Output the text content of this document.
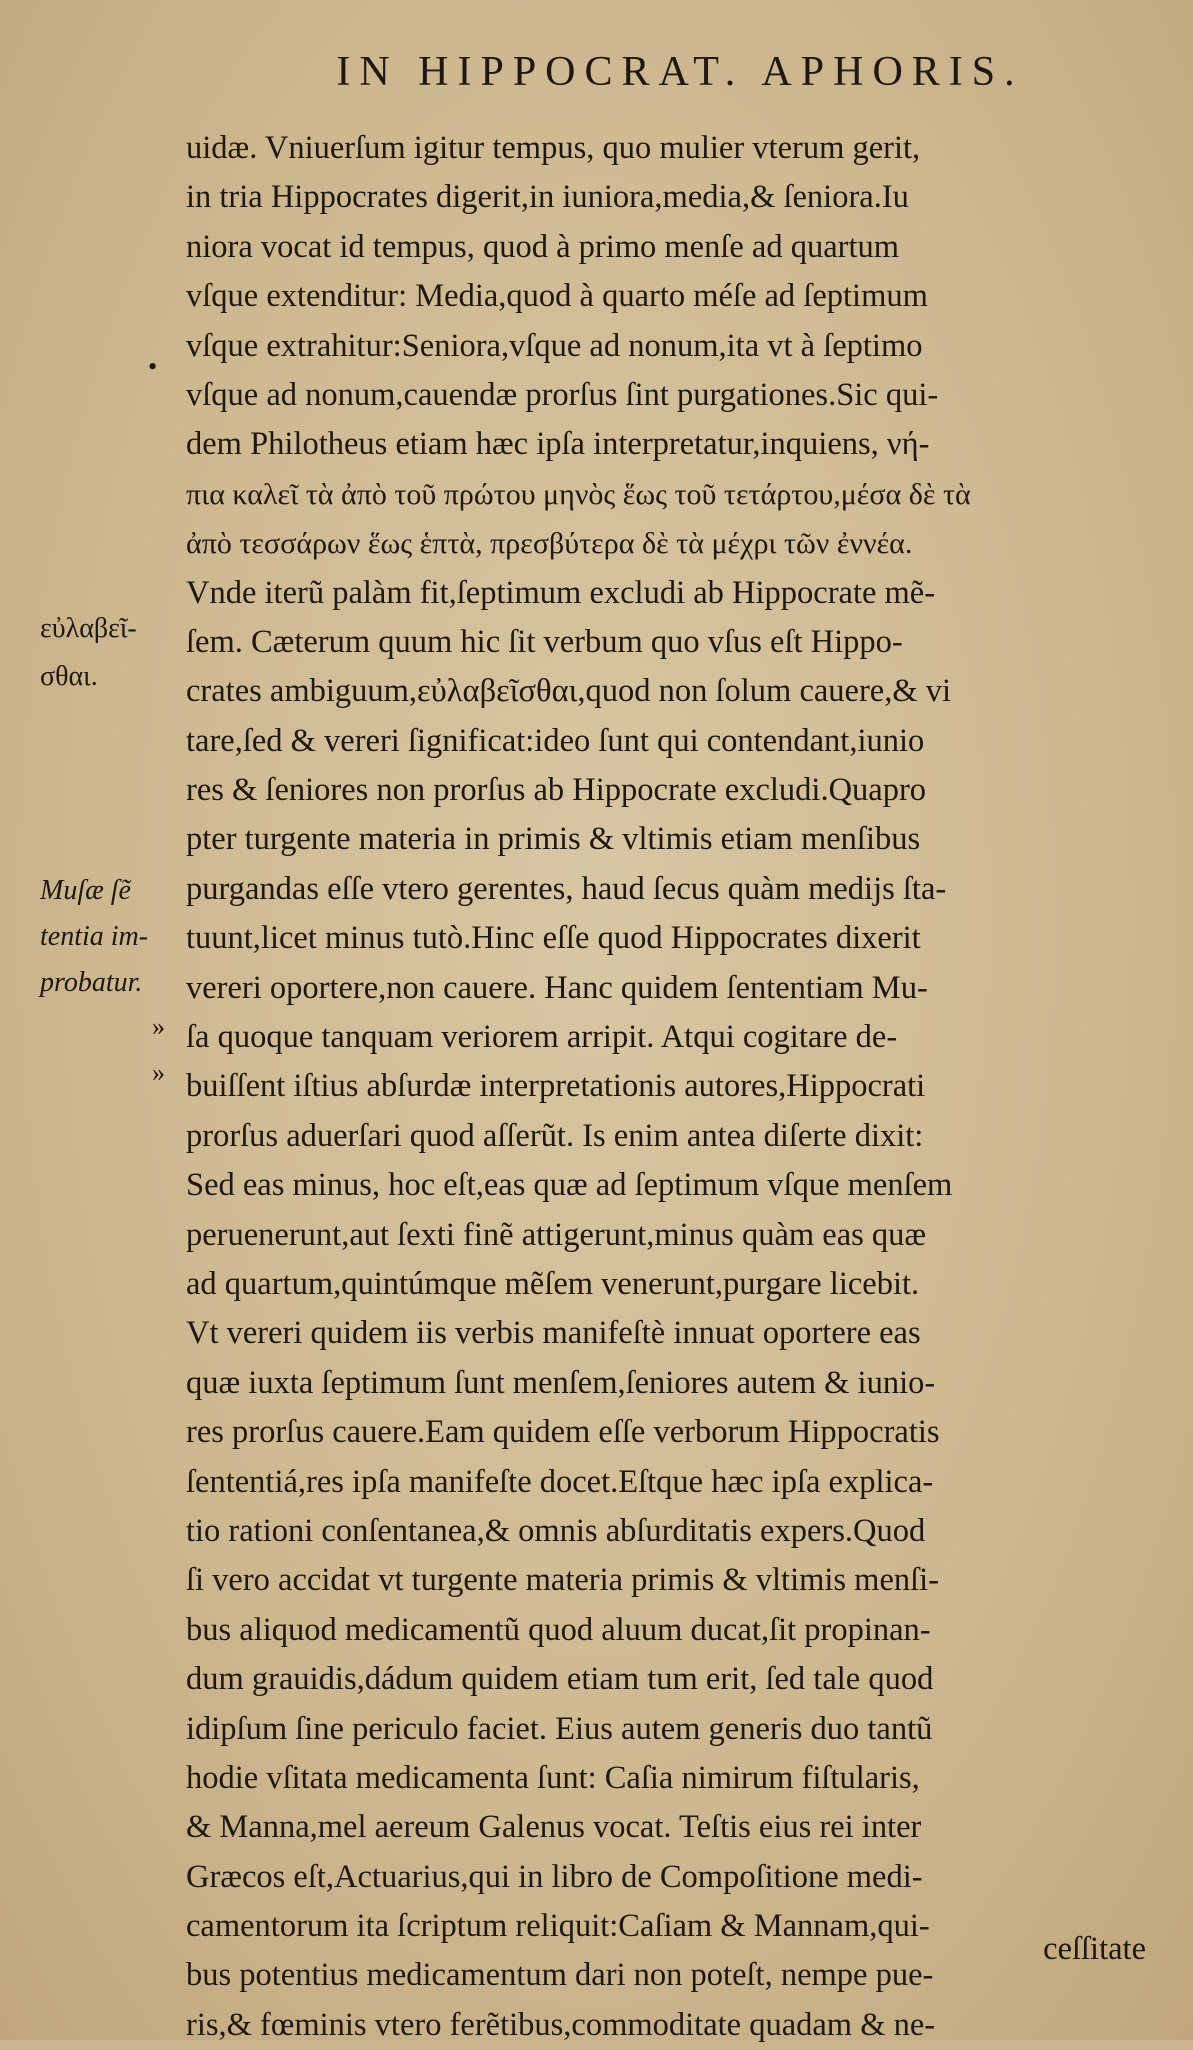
IN HIPPOCRAT. APHORIS.
uidæ. Vniuerſum igitur tempus, quo mulier vterum gerit,
in tria Hippocrates digerit,in iuniora,media,& ſeniora.Iu
niora vocat id tempus, quod à primo menſe ad quartum
vſque extenditur: Media,quod à quarto méſe ad ſeptimum
vſque extrahitur:Seniora,vſque ad nonum,ita vt à ſeptimo
vſque ad nonum,cauendæ prorſus ſint purgationes.Sic qui-
dem Philotheus etiam hæc ipſa interpretatur,inquiens, νή-
πια καλεῖ τὰ ἀπὸ τοῦ πρώτου μηνὸς ἕως τοῦ τετάρτου,μέσα δὲ τὰ
ἀπὸ τεσσάρων ἕως ἑπτὰ, πρεσβύτερα δὲ τὰ μέχρι τῶν ἐννέα.
Vnde iterũ palàm fit,ſeptimum excludi ab Hippocrate mẽ-
ſem. Cæterum quum hic ſit verbum quo vſus eſt Hippo-
crates ambiguum,εὐλαβεῖσθαι,quod non ſolum cauere,& vi
tare,ſed & vereri ſignificat:ideo ſunt qui contendant,iunio
res & ſeniores non prorſus ab Hippocrate excludi.Quapro
pter turgente materia in primis & vltimis etiam menſibus
purgandas eſſe vtero gerentes, haud ſecus quàm medijs ſta-
tuunt,licet minus tutò.Hinc eſſe quod Hippocrates dixerit
vereri oportere,non cauere. Hanc quidem ſententiam Mu-
ſa quoque tanquam veriorem arripit. Atqui cogitare de-
buiſſent iſtius abſurdæ interpretationis autores,Hippocrati
prorſus aduerſari quod aſſerũt. Is enim antea diſerte dixit:
Sed eas minus, hoc eſt,eas quæ ad ſeptimum vſque menſem
peruenerunt,aut ſexti finẽ attigerunt,minus quàm eas quæ
ad quartum,quintúmque mẽſem venerunt,purgare licebit.
Vt vereri quidem iis verbis manifeſtè innuat oportere eas
quæ iuxta ſeptimum ſunt menſem,ſeniores autem & iunio-
res prorſus cauere.Eam quidem eſſe verborum Hippocratis
ſententiá,res ipſa manifeſte docet.Eſtque hæc ipſa explica-
tio rationi conſentanea,& omnis abſurditatis expers.Quod
ſi vero accidat vt turgente materia primis & vltimis menſi-
bus aliquod medicamentũ quod aluum ducat,ſit propinan-
dum grauidis,dádum quidem etiam tum erit, ſed tale quod
idipſum ſine periculo faciet. Eius autem generis duo tantũ
hodie vſitata medicamenta ſunt: Caſia nimirum fiſtularis,
& Manna,mel aereum Galenus vocat. Teſtis eius rei inter
Græcos eſt,Actuarius,qui in libro de Compoſitione medi-
camentorum ita ſcriptum reliquit:Caſiam & Mannam,qui-
bus potentius medicamentum dari non poteſt, nempe pue-
ris,& fœminis vtero ferẽtibus,commoditate quadam & ne-
ceſſitate
εὐλαβεῖ-
σθαι.
Muſæ ſẽ
tentia im-
probatur.
•
»
»
